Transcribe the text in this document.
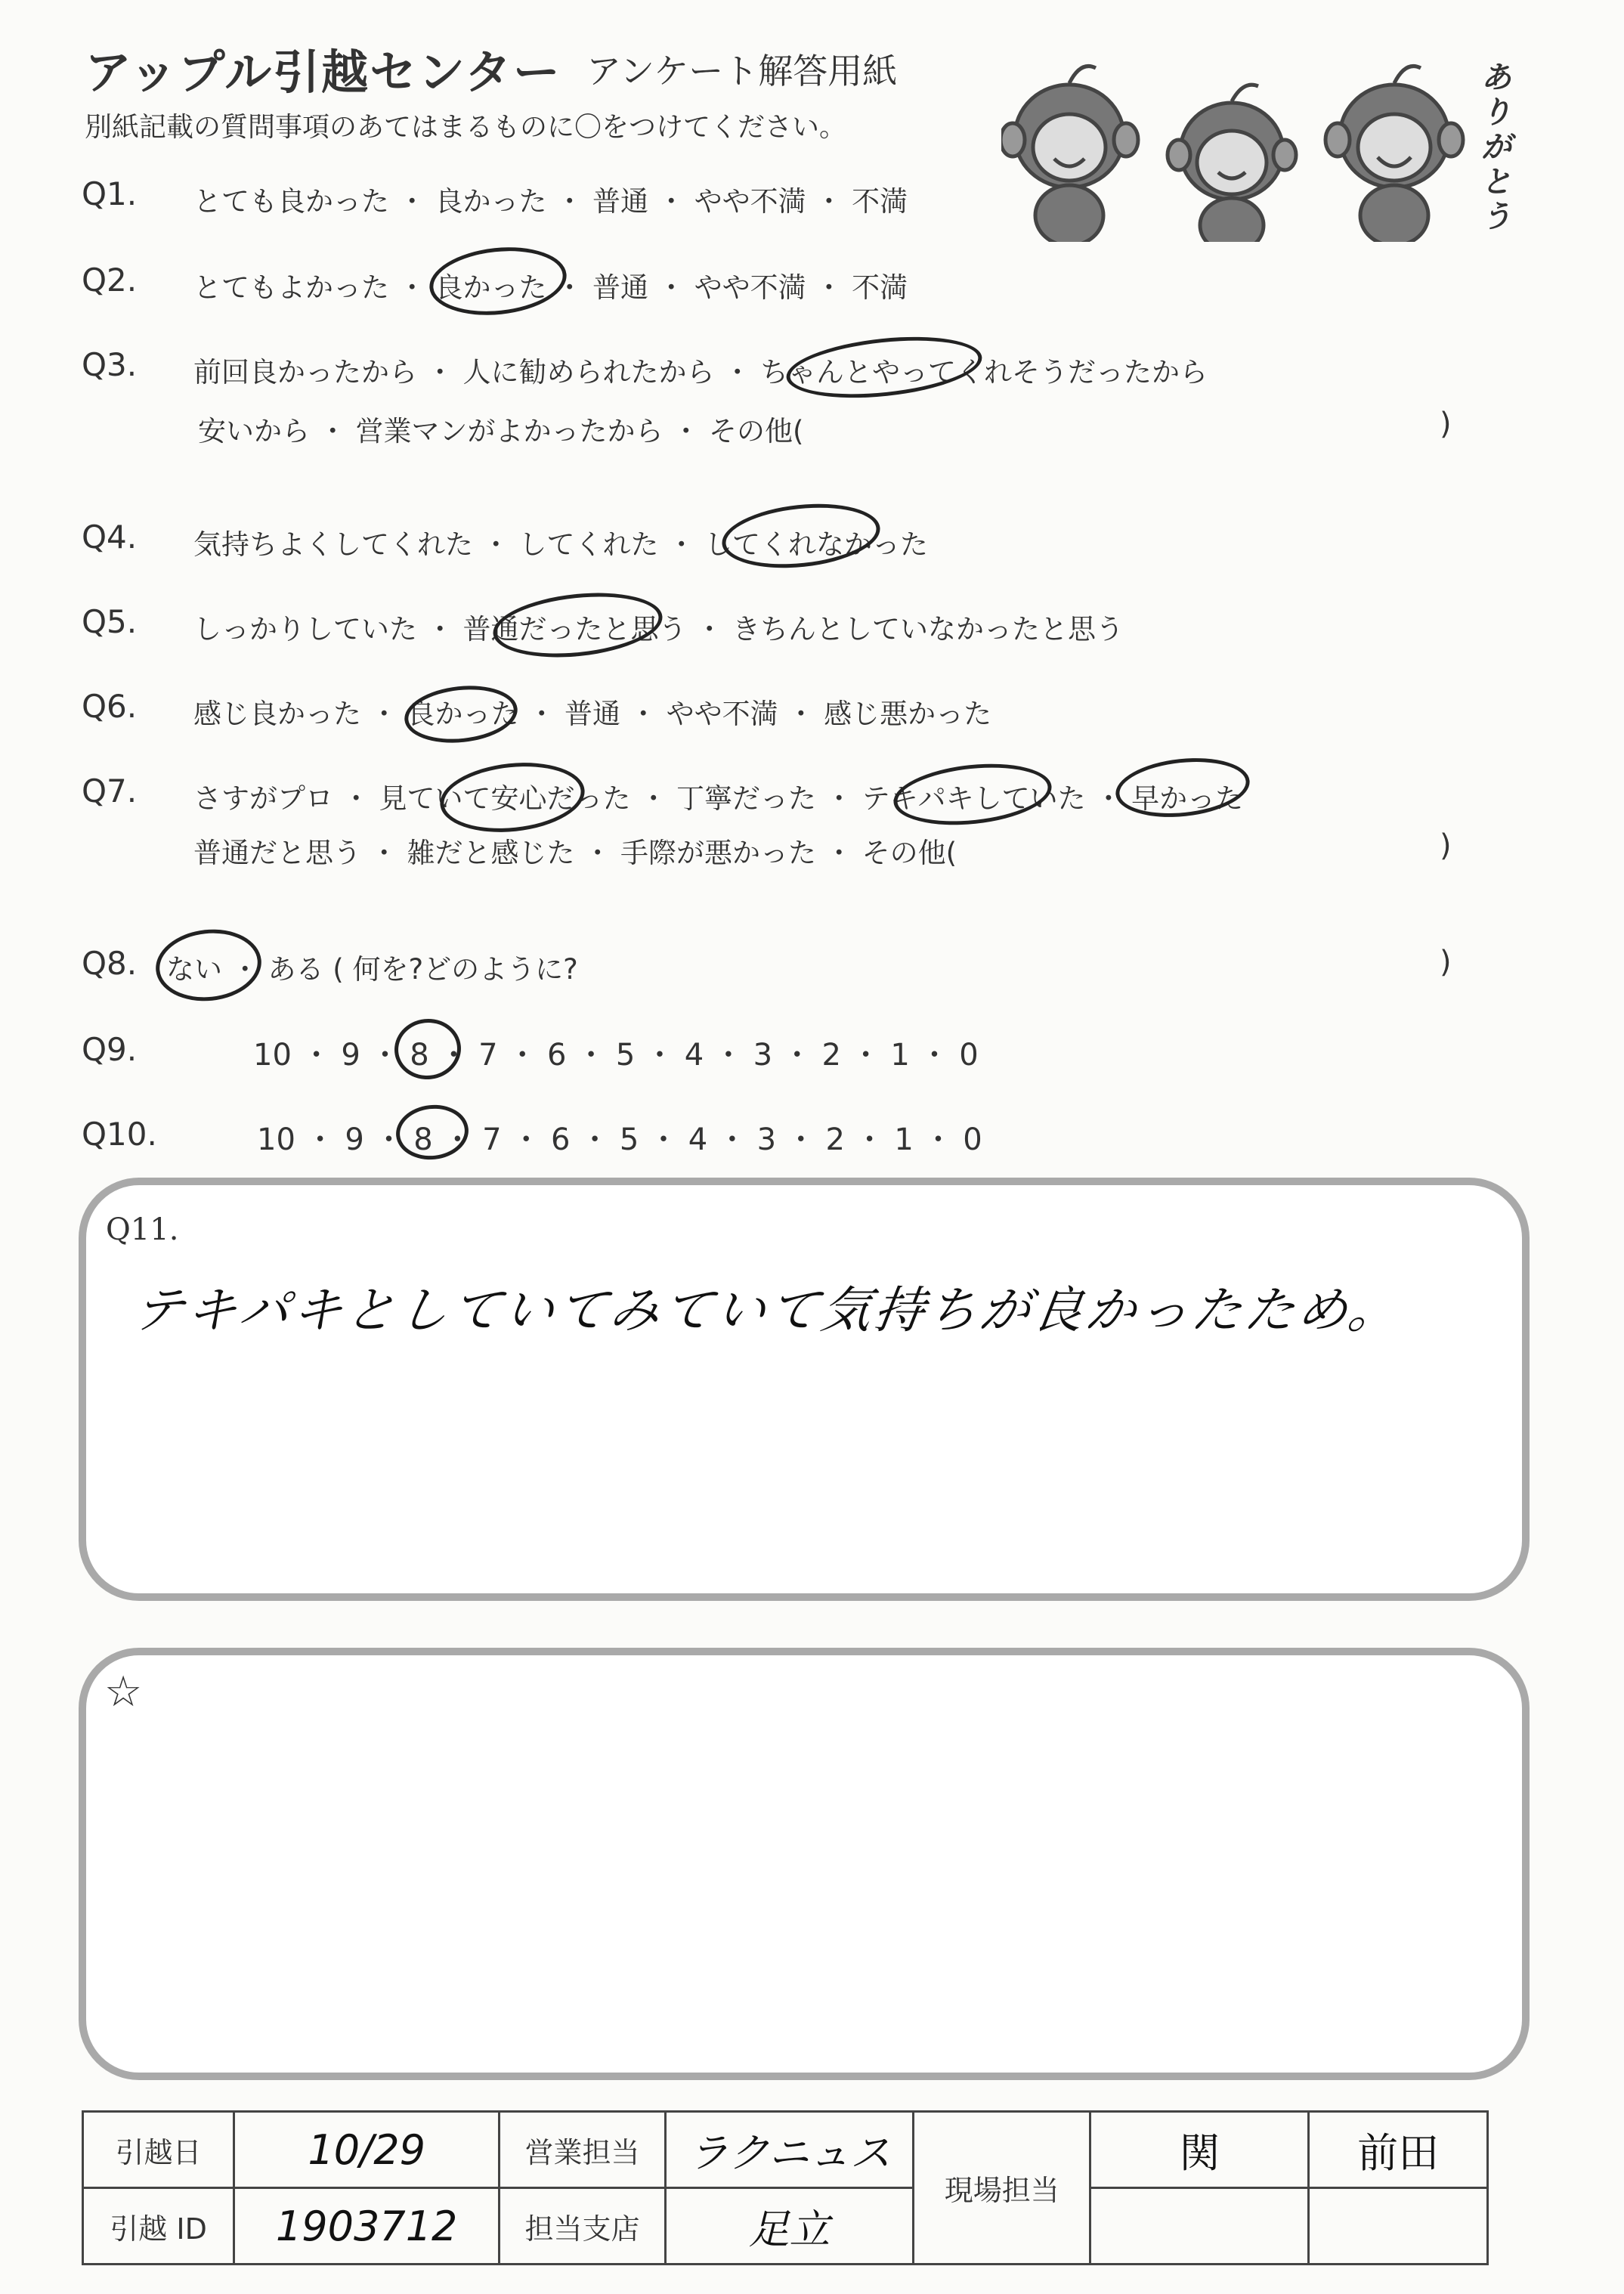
アップル引越センター アンケート解答用紙
別紙記載の質問事項のあてはまるものに〇をつけてください。
ありがとう
Q1. とても良かった ・ 良かった ・ 普通 ・ やや不満 ・ 不満
Q2. とてもよかった ・ 良かった ・ 普通 ・ やや不満 ・ 不満
Q3. 前回良かったから ・ 人に勧められたから ・ ちゃんとやってくれそうだったから
安いから ・ 営業マンがよかったから ・ その他(	)
Q4. 気持ちよくしてくれた ・ してくれた ・ してくれなかった
Q5. しっかりしていた ・ 普通だったと思う ・ きちんとしていなかったと思う
Q6. 感じ良かった ・ 良かった ・ 普通 ・ やや不満 ・ 感じ悪かった
Q7. さすがプロ ・ 見ていて安心だった ・ 丁寧だった ・ テキパキしていた ・ 早かった
普通だと思う ・ 雑だと感じた ・ 手際が悪かった ・ その他(	)
Q8. ない ・ ある ( 何を?どのように?	)
Q9.	10 ・ 9 ・ 8 ・ 7 ・ 6 ・ 5 ・ 4 ・ 3 ・ 2 ・ 1 ・ 0
Q10.	10 ・ 9 ・ 8 ・ 7 ・ 6 ・ 5 ・ 4 ・ 3 ・ 2 ・ 1 ・ 0
Q11.
テキパキとしていてみていて気持ちが良かったため。
☆
引越日	10/29	営業担当	ラクニュス	現場担当	関	前田
引越 ID	1903712	担当支店	足立			
